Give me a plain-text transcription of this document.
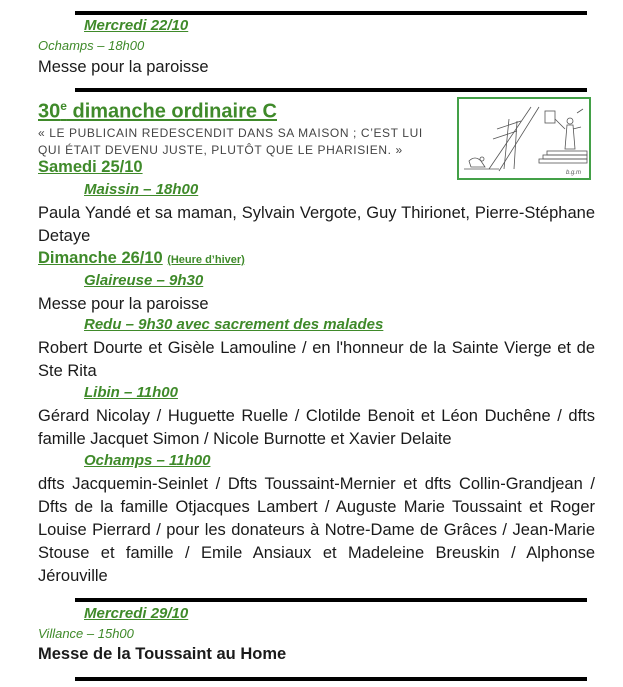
Mercredi 22/10
Ochamps – 18h00
Messe pour la paroisse
30e dimanche ordinaire C
« LE PUBLICAIN REDESCENDIT DANS SA MAISON ; C’EST LUI QUI ÉTAIT DEVENU JUSTE, PLUTÔT QUE LE PHARISIEN. »
b.g.m
Samedi 25/10
Maissin – 18h00
Paula Yandé et sa maman, Sylvain Vergote, Guy Thirionet, Pierre-Stéphane Detaye
Dimanche 26/10 (Heure d’hiver)
Glaireuse – 9h30
Messe pour la paroisse
Redu – 9h30 avec sacrement des malades
Robert Dourte et Gisèle Lamouline / en l'honneur de la Sainte Vierge et de Ste Rita
Libin – 11h00
Gérard Nicolay / Huguette Ruelle / Clotilde Benoit et Léon Duchêne / dfts famille Jacquet Simon / Nicole Burnotte et Xavier Delaite
Ochamps – 11h00
dfts Jacquemin-Seinlet / Dfts Toussaint-Mernier et dfts Collin-Grandjean / Dfts de la famille Otjacques Lambert / Auguste Marie Toussaint et Roger Louise Pierrard / pour les donateurs à Notre-Dame de Grâces / Jean-Marie Stouse et famille / Emile Ansiaux et Madeleine Breuskin / Alphonse Jérouville
Mercredi 29/10
Villance – 15h00
Messe de la Toussaint au Home
